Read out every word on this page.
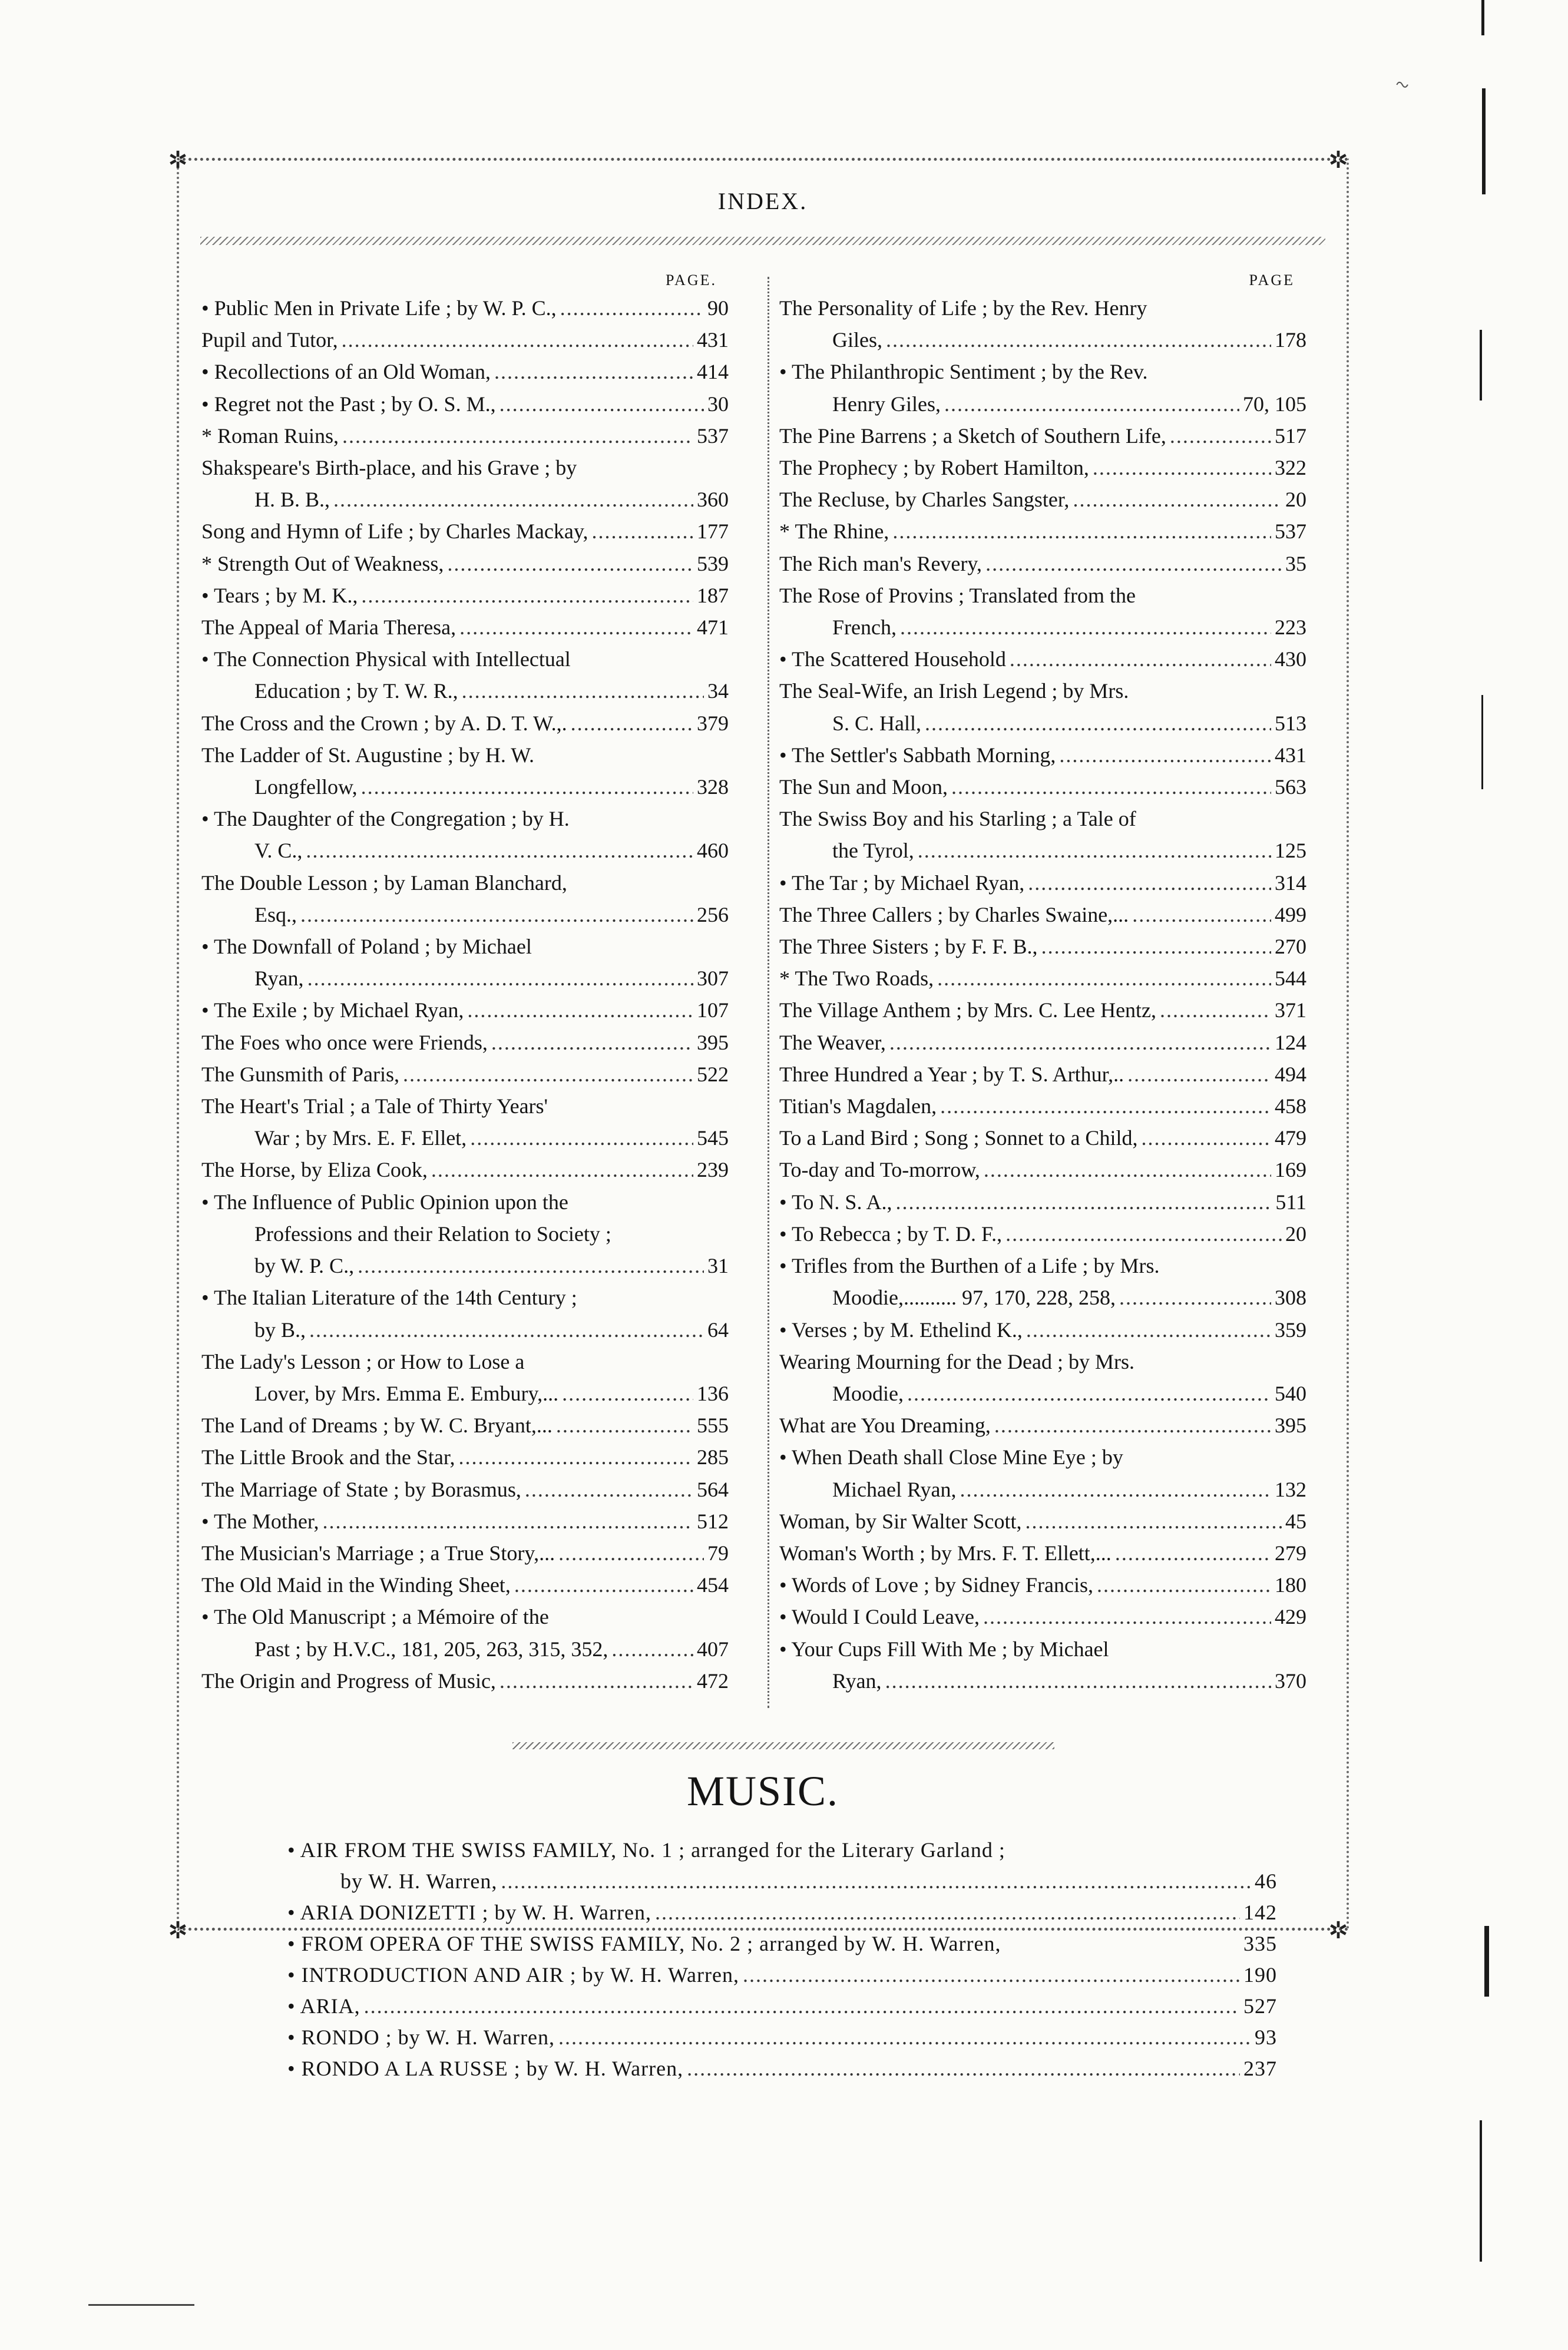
~
✲	✲
✲	✲
INDEX.
PAGE.
• Public Men in Private Life ; by W. P. C., .....	90
Pupil and Tutor, .....	431
• Recollections of an Old Woman, .....	414
• Regret not the Past ; by O. S. M., .....	30
* Roman Ruins, .....	537
Shakspeare's Birth-place, and his Grave ; by
H. B. B., .....	360
Song and Hymn of Life ; by Charles Mackay, .....	177
* Strength Out of Weakness, .....	539
• Tears ; by M. K., .....	187
The Appeal of Maria Theresa, .....	471
• The Connection Physical with Intellectual
Education ; by T. W. R., .....	34
The Cross and the Crown ; by A. D. T. W.,. .....	379
The Ladder of St. Augustine ; by H. W.
Longfellow, .....	328
• The Daughter of the Congregation ; by H.
V. C., .....	460
The Double Lesson ; by Laman Blanchard,
Esq., .....	256
• The Downfall of Poland ; by Michael
Ryan, .....	307
• The Exile ; by Michael Ryan, .....	107
The Foes who once were Friends, .....	395
The Gunsmith of Paris, .....	522
The Heart's Trial ; a Tale of Thirty Years'
War ; by Mrs. E. F. Ellet, .....	545
The Horse, by Eliza Cook, .....	239
• The Influence of Public Opinion upon the
Professions and their Relation to Society ;
by W. P. C., .....	31
• The Italian Literature of the 14th Century ;
by B., .....	64
The Lady's Lesson ; or How to Lose a
Lover, by Mrs. Emma E. Embury,... .....	136
The Land of Dreams ; by W. C. Bryant,... .....	555
The Little Brook and the Star, .....	285
The Marriage of State ; by Borasmus, .....	564
• The Mother, .....	512
The Musician's Marriage ; a True Story,... .....	79
The Old Maid in the Winding Sheet, .....	454
• The Old Manuscript ; a Mémoire of the
Past ; by H.V.C., 181, 205, 263, 315, 352, .....	407
The Origin and Progress of Music, .....	472
PAGE
The Personality of Life ; by the Rev. Henry
Giles, .....	178
• The Philanthropic Sentiment ; by the Rev.
Henry Giles, .....	70, 105
The Pine Barrens ; a Sketch of Southern Life, .....	517
The Prophecy ; by Robert Hamilton, .....	322
The Recluse, by Charles Sangster, .....	20
* The Rhine, .....	537
The Rich man's Revery, .....	35
The Rose of Provins ; Translated from the
French, .....	223
• The Scattered Household .....	430
The Seal-Wife, an Irish Legend ; by Mrs.
S. C. Hall, .....	513
• The Settler's Sabbath Morning, .....	431
The Sun and Moon, .....	563
The Swiss Boy and his Starling ; a Tale of
the Tyrol, .....	125
• The Tar ; by Michael Ryan, .....	314
The Three Callers ; by Charles Swaine,... .....	499
The Three Sisters ; by F. F. B., .....	270
* The Two Roads, .....	544
The Village Anthem ; by Mrs. C. Lee Hentz, .....	371
The Weaver, .....	124
Three Hundred a Year ; by T. S. Arthur,.. .....	494
Titian's Magdalen, .....	458
To a Land Bird ; Song ; Sonnet to a Child, .....	479
To-day and To-morrow, .....	169
• To N. S. A., .....	511
• To Rebecca ; by T. D. F., .....	20
• Trifles from the Burthen of a Life ; by Mrs.
Moodie,.......... 97, 170, 228, 258, .....	308
• Verses ; by M. Ethelind K., .....	359
Wearing Mourning for the Dead ; by Mrs.
Moodie, .....	540
What are You Dreaming, .....	395
• When Death shall Close Mine Eye ; by
Michael Ryan, .....	132
Woman, by Sir Walter Scott, .....	45
Woman's Worth ; by Mrs. F. T. Ellett,... .....	279
• Words of Love ; by Sidney Francis, .....	180
• Would I Could Leave, .....	429
• Your Cups Fill With Me ; by Michael
Ryan, .....	370
MUSIC.
• AIR FROM THE SWISS FAMILY, No. 1 ; arranged for the Literary Garland ;
by W. H. Warren, .....	46
• ARIA DONIZETTI ; by W. H. Warren, .....	142
• FROM OPERA OF THE SWISS FAMILY, No. 2 ; arranged by W. H. Warren,	335
• INTRODUCTION AND AIR ; by W. H. Warren, .....	190
• ARIA, .....	527
• RONDO ; by W. H. Warren, .....	93
• RONDO A LA RUSSE ; by W. H. Warren, .....	237
